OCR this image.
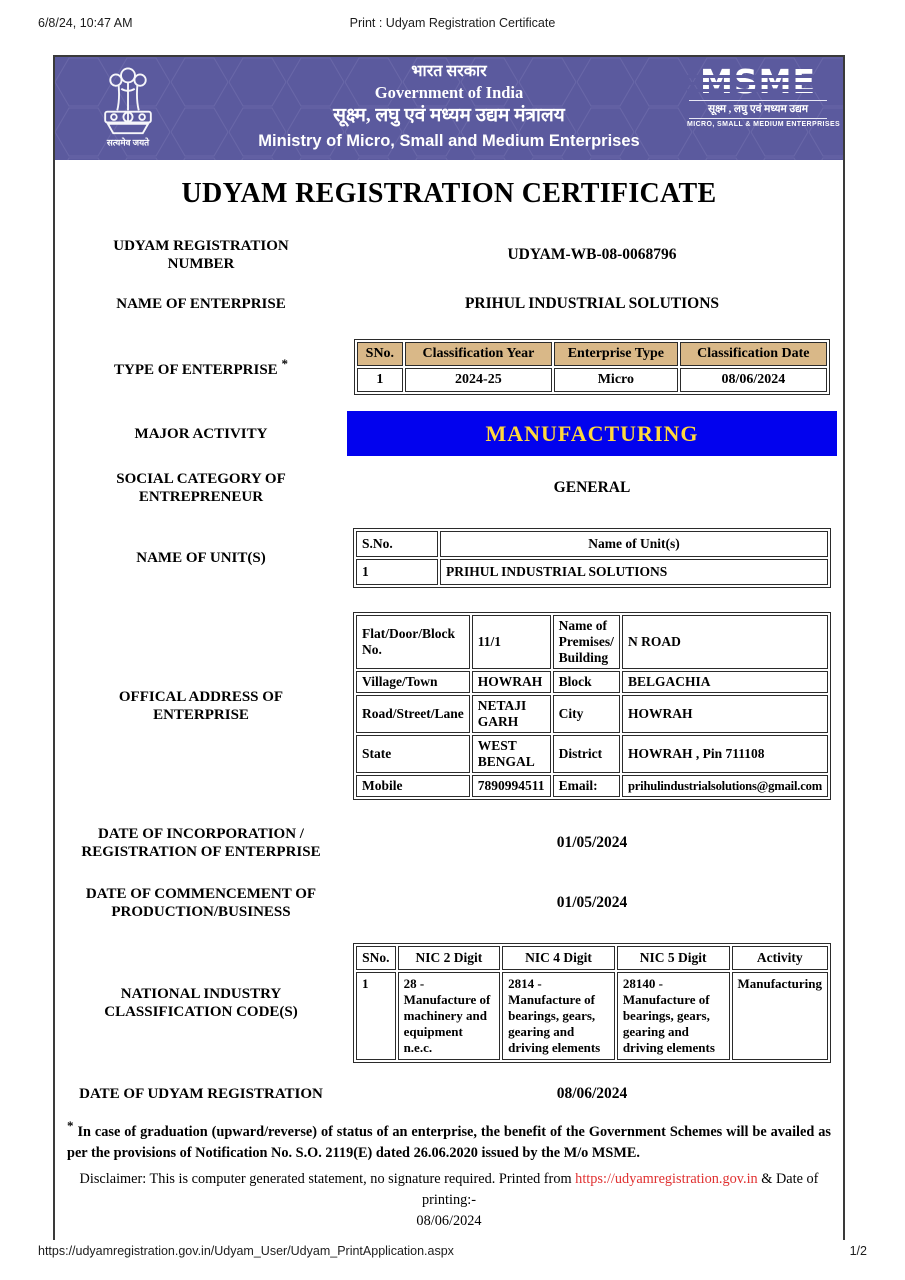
6/8/24, 10:47 AM	Print : Udyam Registration Certificate
सत्यमेव जयते
भारत सरकार
Government of India
सूक्ष्म, लघु एवं मध्यम उद्यम मंत्रालय
Ministry of Micro, Small and Medium Enterprises
सूक्ष्म , लघु एवं मध्यम उद्यम
MICRO, SMALL & MEDIUM ENTERPRISES
UDYAM REGISTRATION CERTIFICATE
UDYAM REGISTRATION NUMBER
UDYAM-WB-08-0068796
NAME OF ENTERPRISE	PRIHUL INDUSTRIAL SOLUTIONS
TYPE OF ENTERPRISE *
SNo.	Classification Year	Enterprise Type	Classification Date
1	2024-25	Micro	08/06/2024
MAJOR ACTIVITY	MANUFACTURING
SOCIAL CATEGORY OF ENTREPRENEUR
GENERAL
NAME OF UNIT(S)
S.No.	Name of Unit(s)
1	PRIHUL INDUSTRIAL SOLUTIONS
OFFICAL ADDRESS OF ENTERPRISE
Flat/Door/Block No.	11/1	Name of Premises/ Building	N ROAD
Village/Town	HOWRAH	Block	BELGACHIA
Road/Street/Lane	NETAJI GARH	City	HOWRAH
State	WEST BENGAL	District	HOWRAH , Pin 711108
Mobile	7890994511	Email:	prihulindustrialsolutions@gmail.com
DATE OF INCORPORATION / REGISTRATION OF ENTERPRISE
01/05/2024
DATE OF COMMENCEMENT OF PRODUCTION/BUSINESS
01/05/2024
NATIONAL INDUSTRY CLASSIFICATION CODE(S)
SNo.	NIC 2 Digit	NIC 4 Digit	NIC 5 Digit	Activity
1	28 - Manufacture of machinery and equipment n.e.c.	2814 - Manufacture of bearings, gears, gearing and driving elements	28140 - Manufacture of bearings, gears, gearing and driving elements	Manufacturing
DATE OF UDYAM REGISTRATION	08/06/2024
* In case of graduation (upward/reverse) of status of an enterprise, the benefit of the Government Schemes will be availed as per the provisions of Notification No. S.O. 2119(E) dated 26.06.2020 issued by the M/o MSME.
Disclaimer: This is computer generated statement, no signature required. Printed from https://udyamregistration.gov.in & Date of printing:-
08/06/2024
https://udyamregistration.gov.in/Udyam_User/Udyam_PrintApplication.aspx	1/2
